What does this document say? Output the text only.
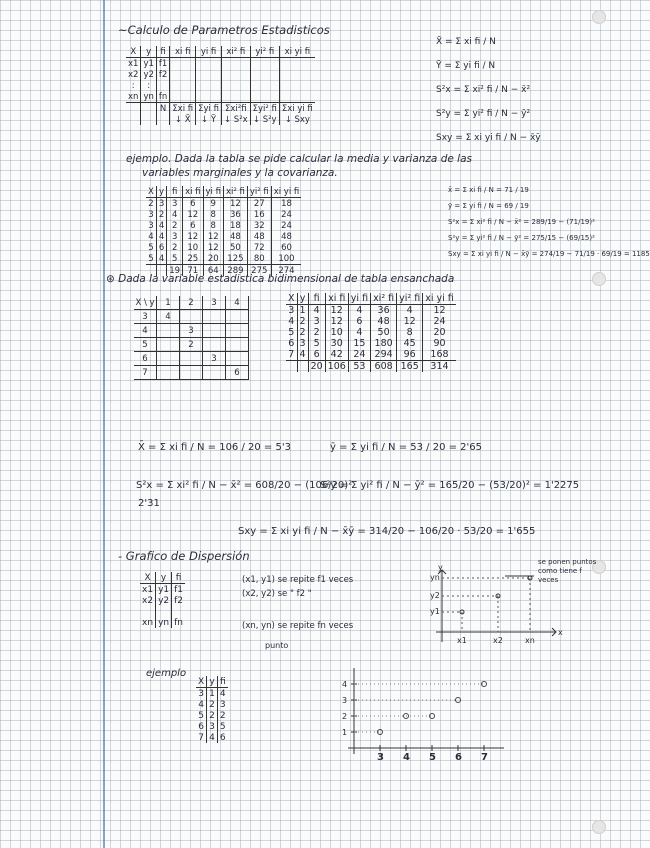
~Calculo de Parametros Estadisticos
X	y	fi	xi fi	yi fi	xi² fi	yi² fi	xi yi fi
x1	y1	f1					
x2	y2	f2					
:	:						
xn	yn	fn					
		N	Σxi fi	Σyi fi	Σxi²fi	Σyi² fi	Σxi yi fi
			↓ X̄	↓ Ȳ	↓ S²x	↓ S²y	↓ Sxy
X̄ = Σ xi fi / N
Ȳ = Σ yi fi / N
S²x = Σ xi² fi / N − x̄²
S²y = Σ yi² fi / N − ȳ²
Sxy = Σ xi yi fi / N − x̄ȳ
ejemplo. Dada la tabla se pide calcular la media y varianza de las
variables marginales y la covarianza.
X	y	fi	xi fi	yi fi	xi² fi	yi² fi	xi yi fi
2	3	3	6	9	12	27	18
3	2	4	12	8	36	16	24
3	4	2	6	8	18	32	24
4	4	3	12	12	48	48	48
5	6	2	10	12	50	72	60
5	4	5	25	20	125	80	100
		19	71	64	289	275	274
x̄ = Σ xi fi / N = 71 / 19
ȳ = Σ yi fi / N = 69 / 19
S²x = Σ xi² fi / N − x̄² = 289/19 − (71/19)²
S²y = Σ yi² fi / N − ȳ² = 275/15 − (69/15)²
Sxy = Σ xi yi fi / N − x̄ȳ = 274/19 − 71/19 · 69/19 = 1185
⊛ Dada la variable estadistica bidimensional de tabla ensanchada
X \ y	1	2	3	4
3	4			
4		3		
5		2		
6			3	
7				6
X	y	fi	xi fi	yi fi	xi² fi	yi² fi	xi yi fi
3	1	4	12	4	36	4	12
4	2	3	12	6	48	12	24
5	2	2	10	4	50	8	20
6	3	5	30	15	180	45	90
7	4	6	42	24	294	96	168
		20	106	53	608	165	314
X̄ = Σ xi fi / N = 106 / 20 = 5'3	ȳ = Σ yi fi / N = 53 / 20 = 2'65
S²x = Σ xi² fi / N − x̄² = 608/20 − (106/20)²
2'31
S²y = Σ yi² fi / N − ȳ² = 165/20 − (53/20)² = 1'2275
Sxy = Σ xi yi fi / N − x̄ȳ = 314/20 − 106/20 · 53/20 = 1'655
- Grafico de Dispersión
X	y	fi
x1	y1	f1
x2	y2	f2

xn	yn	fn
(x1, y1) se repite f1 veces
(x2, y2) se " f2 "
(xn, yn) se repite fn veces
punto
yn
y2
y1
x1	x2	xn
x
y
se ponen puntos como tiene f veces
ejemplo
X	y	fi
3	1	4
4	2	3
5	2	2
6	3	5
7	4	6
4
3
2
1
3 4 5 6 7
